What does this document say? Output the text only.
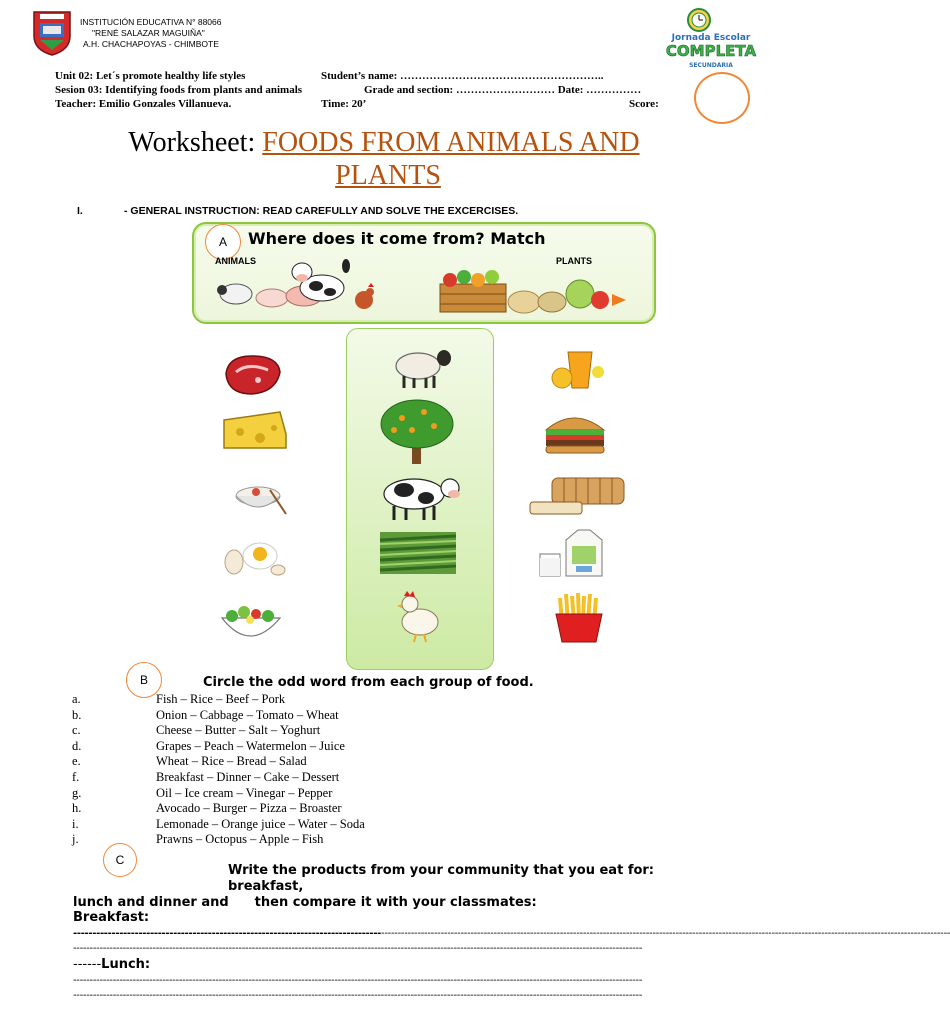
INSTITUCIÓN EDUCATIVA N° 88066
"RENÉ SALAZAR MAGUIÑA"
A.H. CHACHAPOYAS - CHIMBOTE
Jornada Escolar
COMPLETA
SECUNDARIA
Unit 02: Let´s promote healthy life styles	Student’s name: ………………………………………………..
Sesion 03: Identifying foods from plants and animals	Grade and section: ……………………… Date: ……………
Teacher: Emilio Gonzales Villanueva.	Time: 20’	Score:
Worksheet: FOODS FROM ANIMALS AND
PLANTS
I.	- GENERAL INSTRUCTION: READ CAREFULLY AND SOLVE THE EXCERCISES.
A	Where does it come from? Match
ANIMALS	PLANTS
B	Circle the odd word from each group of food.
a.	Fish – Rice – Beef – Pork
b.	Onion – Cabbage – Tomato – Wheat
c.	Cheese – Butter – Salt – Yoghurt
d.	Grapes – Peach – Watermelon – Juice
e.	Wheat – Rice – Bread – Salad
f.	Breakfast – Dinner – Cake – Dessert
g.	Oil – Ice cream – Vinegar – Pepper
h.	Avocado – Burger – Pizza – Broaster
i.	Lemonade – Orange juice – Water – Soda
j.	Prawns – Octopus – Apple – Fish
C
Write the products from your community that you eat for: breakfast,
lunch and dinner and then compare it with your classmates:
Breakfast:
------------------------------------------------------------------------------------------------------------------------------------------------------------------------------------------------------------------------------------------------------------
----------------------------------------------------------------------------------------------------------------------------------------------------------------------------
------Lunch:
----------------------------------------------------------------------------------------------------------------------------------------------------------------------------
----------------------------------------------------------------------------------------------------------------------------------------------------------------------------
